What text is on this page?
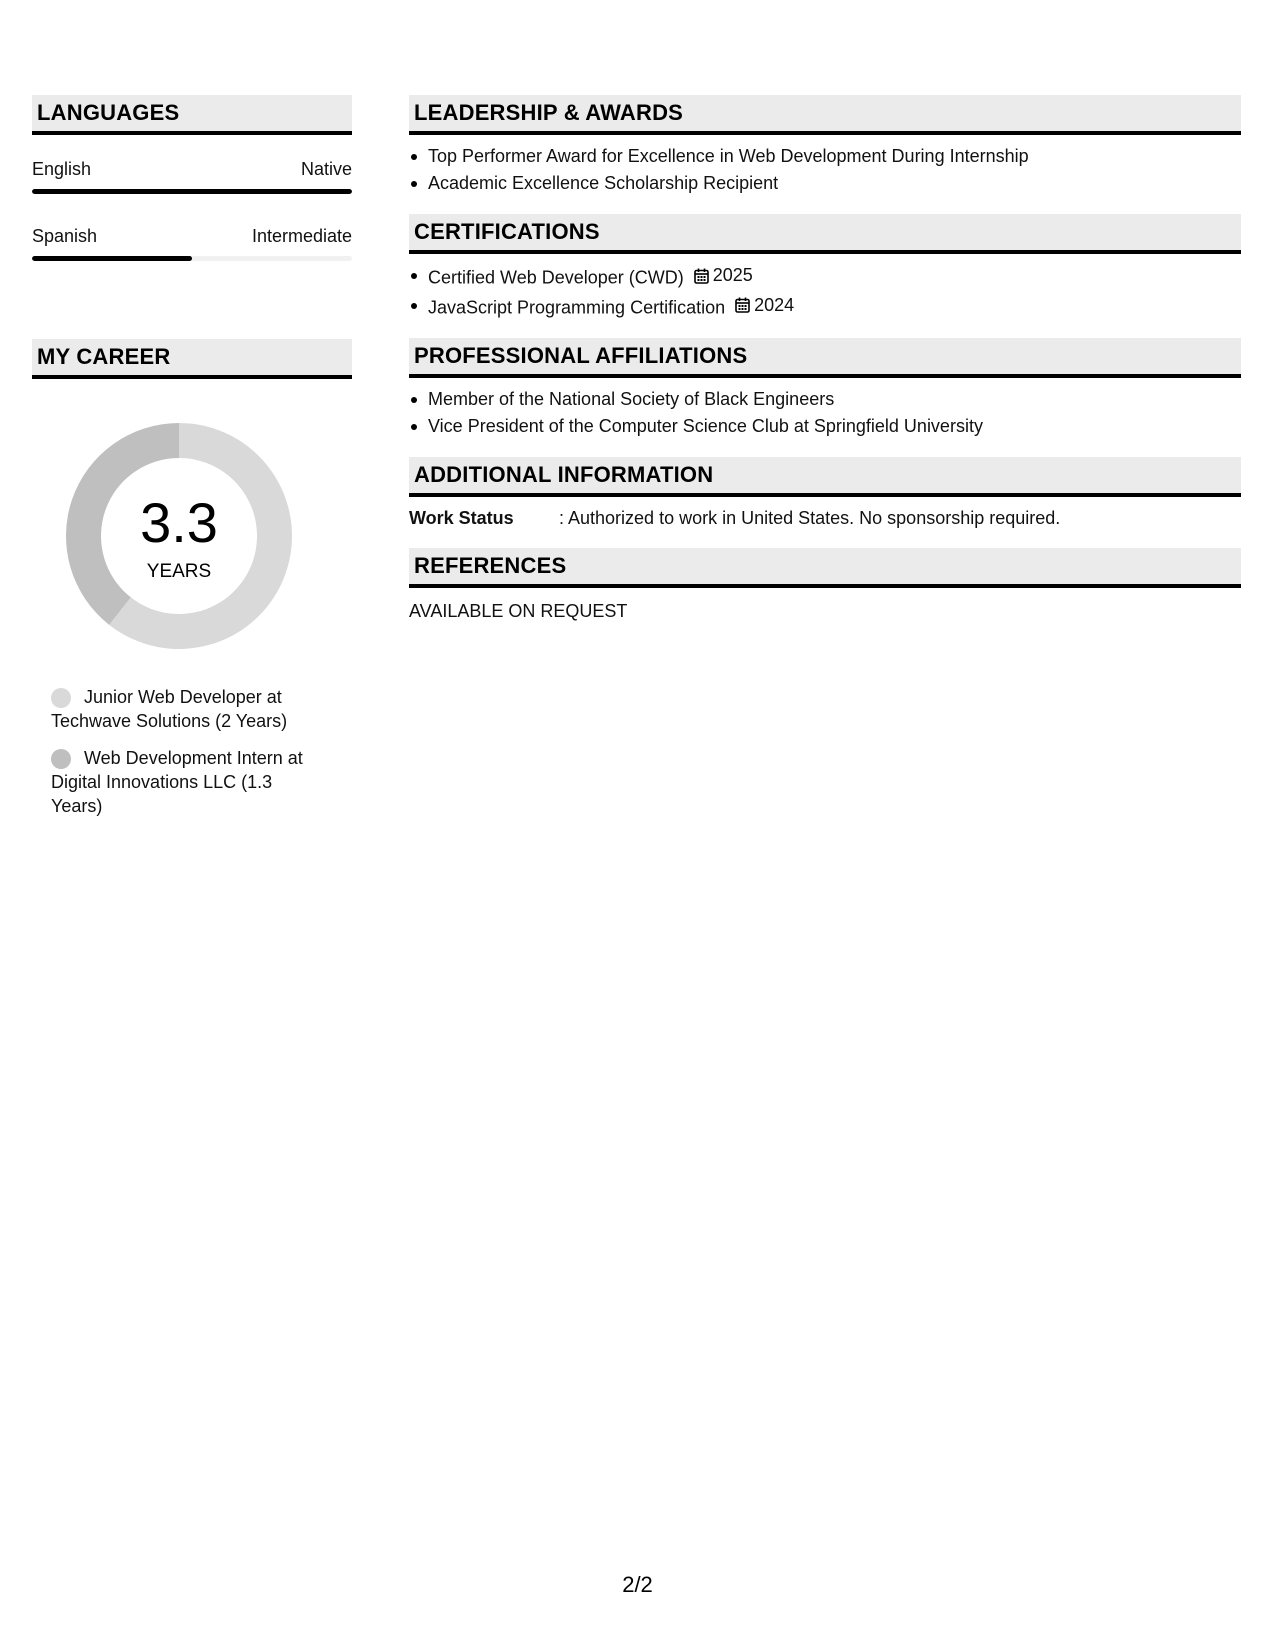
LANGUAGES
English	Native
Spanish	Intermediate
MY CAREER
3.3
YEARS
Junior Web Developer at Techwave Solutions (2 Years)
Web Development Intern at Digital Innovations LLC (1.3 Years)
LEADERSHIP & AWARDS
Top Performer Award for Excellence in Web Development During Internship
Academic Excellence Scholarship Recipient
CERTIFICATIONS
Certified Web Developer (CWD) 2025
JavaScript Programming Certification 2024
PROFESSIONAL AFFILIATIONS
Member of the National Society of Black Engineers
Vice President of the Computer Science Club at Springfield University
ADDITIONAL INFORMATION
Work Status	: Authorized to work in United States. No sponsorship required.
REFERENCES
AVAILABLE ON REQUEST
2/2
